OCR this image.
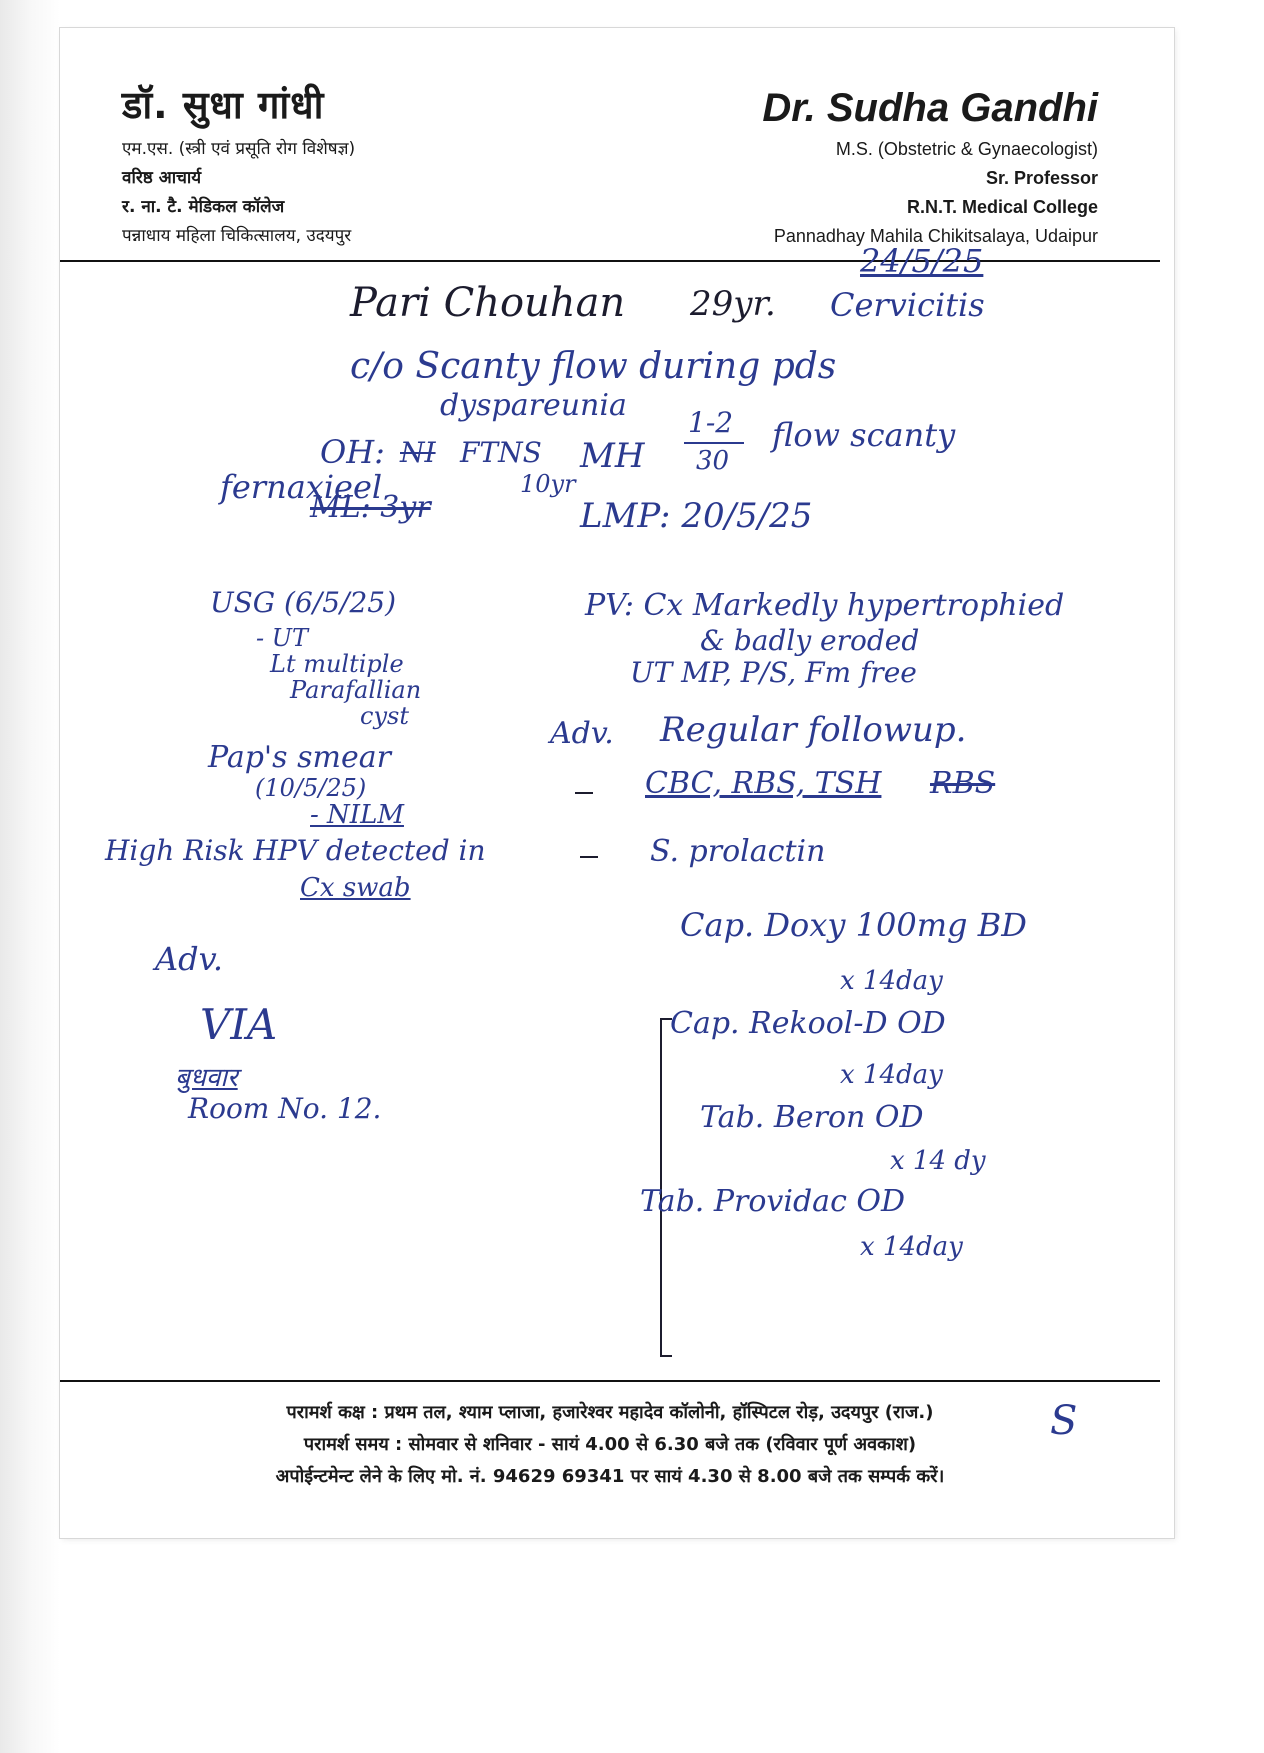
डॉ. सुधा गांधी
एम.एस. (स्त्री एवं प्रसूति रोग विशेषज्ञ)
वरिष्ठ आचार्य
र. ना. टै. मेडिकल कॉलेज
पन्नाधाय महिला चिकित्सालय, उदयपुर
Dr. Sudha Gandhi
M.S. (Obstetric & Gynaecologist)
Sr. Professor
R.N.T. Medical College
Pannadhay Mahila Chikitsalaya, Udaipur
Pari Chouhan 29yr.
24/5/25
Cervicitis
c/o Scanty flow during pds
dyspareunia
OH: NI FTNS
fernaxieel
ML: 3yr
10yr
MH
1-2
30
flow scanty
LMP: 20/5/25
USG (6/5/25)
- UT
Lt multiple
Parafallian
cyst
Pap's smear
(10/5/25)
- NILM
High Risk HPV detected in
Cx swab
Adv.
VIA
बुधवार
Room No. 12.
PV: Cx Markedly hypertrophied
& badly eroded
UT MP, P/S, Fm free
Adv. Regular followup.
CBC, RBS, TSH RBS
S. prolactin
Cap. Doxy 100mg BD
x 14day
Cap. Rekool-D OD
x 14day
Tab. Beron OD
x 14 dy
Tab. Providac OD
x 14day
परामर्श कक्ष : प्रथम तल, श्याम प्लाजा, हजारेश्वर महादेव कॉलोनी, हॉस्पिटल रोड़, उदयपुर (राज.)
परामर्श समय : सोमवार से शनिवार - सायं 4.00 से 6.30 बजे तक (रविवार पूर्ण अवकाश)
अपोईन्टमेन्ट लेने के लिए मो. नं. 94629 69341 पर सायं 4.30 से 8.00 बजे तक सम्पर्क करें।
S
